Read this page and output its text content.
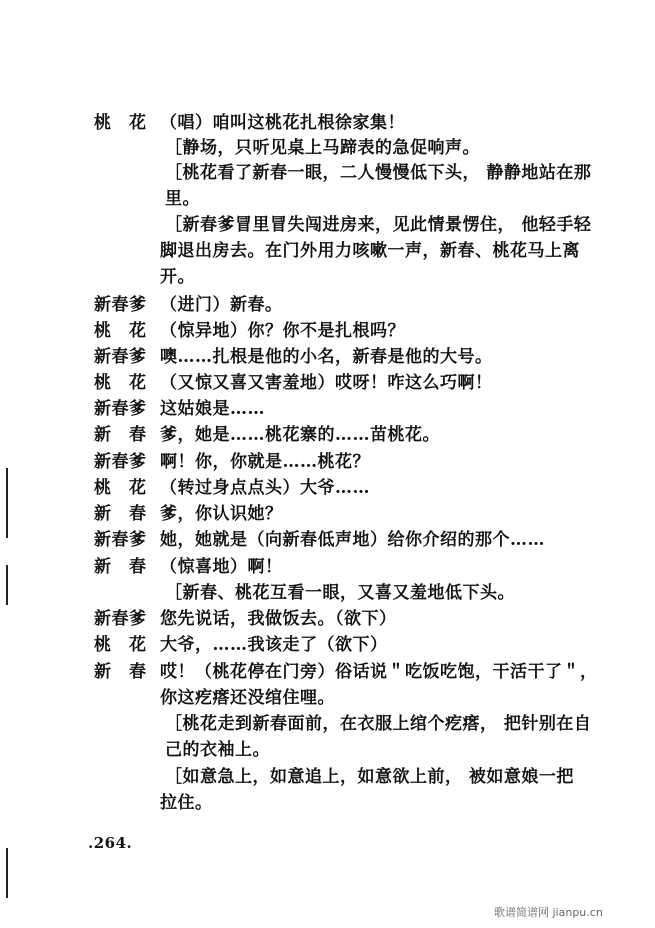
桃　花 （唱）咱叫这桃花扎根徐家集！
［静场，只听见桌上马蹄表的急促响声。
［桃花看了新春一眼，二人慢慢低下头， 静静地站在那
里。
［新春爹冒里冒失闯进房来，见此情景愣住， 他轻手轻
脚退出房去。在门外用力咳嗽一声，新春、桃花马上离
开。
新春爹 （进门）新春。
桃　花 （惊异地）你？你不是扎根吗？
新春爹 噢……扎根是他的小名，新春是他的大号。
桃　花 （又惊又喜又害羞地）哎呀！咋这么巧啊！
新春爹 这姑娘是……
新　春 爹，她是……桃花寨的……苗桃花。
新春爹 啊！你，你就是……桃花？
桃　花 （转过身点点头）大爷……
新　春 爹，你认识她？
新春爹 她，她就是（向新春低声地）给你介绍的那个……
新　春 （惊喜地）啊！
［新春、桃花互看一眼，又喜又羞地低下头。
新春爹 您先说话，我做饭去。（欲下）
桃　花 大爷，……我该走了（欲下）
新　春 哎！（桃花停在门旁）俗话说＂吃饭吃饱，干活干了＂，
你这疙瘩还没绾住哩。
［桃花走到新春面前，在衣服上绾个疙瘩， 把针别在自
己的衣袖上。
［如意急上，如意追上，如意欲上前， 被如意娘一把
拉住。
.264.
歌谱简谱网 jianpu.cn
